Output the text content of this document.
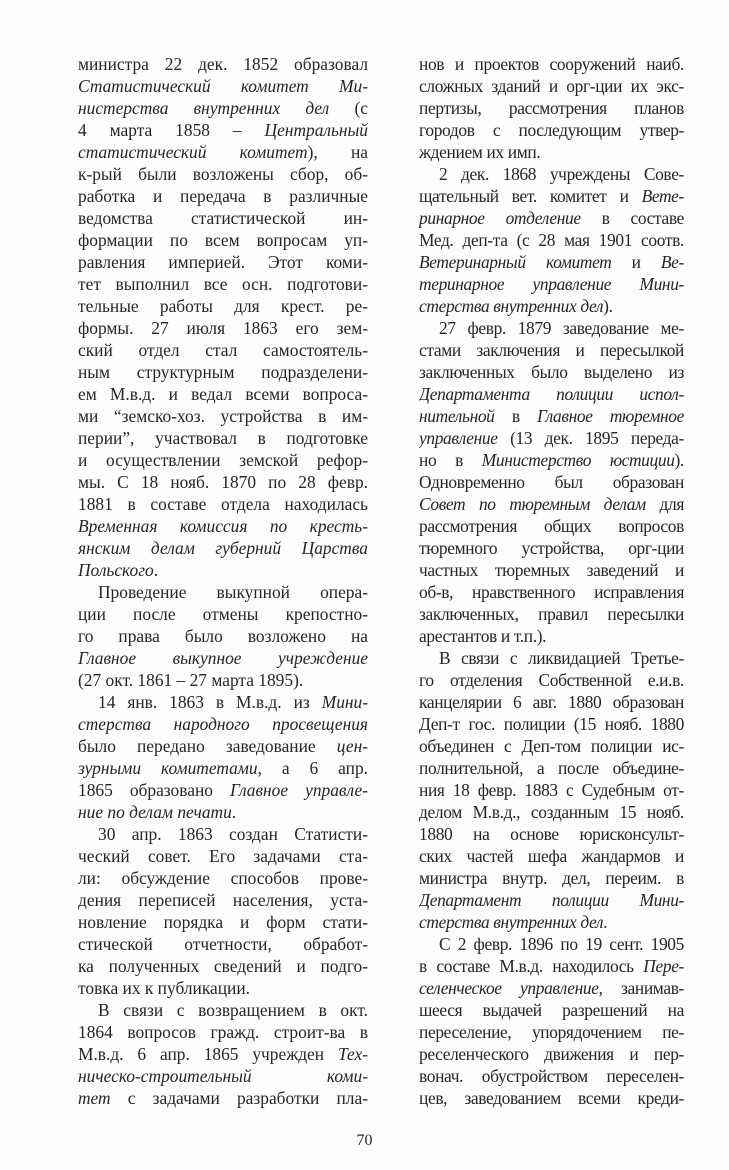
министра 22 дек. 1852 образовал
Статистический комитет Ми-
нистерства внутренних дел (с
4 марта 1858 – Центральный
статистический комитет), на
к-рый были возложены сбор, об-
работка и передача в различные
ведомства статистической ин-
формации по всем вопросам уп-
равления империей. Этот коми-
тет выполнил все осн. подготови-
тельные работы для крест. ре-
формы. 27 июля 1863 его зем-
ский отдел стал самостоятель-
ным структурным подразделени-
ем М.в.д. и ведал всеми вопроса-
ми “земско-хоз. устройства в им-
перии”, участвовал в подготовке
и осуществлении земской рефор-
мы. С 18 нояб. 1870 по 28 февр.
1881 в составе отдела находилась
Временная комиссия по кресть-
янским делам губерний Царства
Польского.
Проведение выкупной опера-
ции после отмены крепостно-
го права было возложено на
Главное выкупное учреждение
(27 окт. 1861 – 27 марта 1895).
14 янв. 1863 в М.в.д. из Мини-
стерства народного просвещения
было передано заведование цен-
зурными комитетами, а 6 апр.
1865 образовано Главное управле-
ние по делам печати.
30 апр. 1863 создан Статисти-
ческий совет. Его задачами ста-
ли: обсуждение способов прове-
дения переписей населения, уста-
новление порядка и форм стати-
стической отчетности, обработ-
ка полученных сведений и подго-
товка их к публикации.
В связи с возвращением в окт.
1864 вопросов гражд. строит-ва в
М.в.д. 6 апр. 1865 учрежден Тех-
ническо-строительный коми-
тет с задачами разработки пла-
нов и проектов сооружений наиб.
сложных зданий и орг-ции их экс-
пертизы, рассмотрения планов
городов с последующим утвер-
ждением их имп.
2 дек. 1868 учреждены Сове-
щательный вет. комитет и Вете-
ринарное отделение в составе
Мед. деп-та (с 28 мая 1901 соотв.
Ветеринарный комитет и Ве-
теринарное управление Мини-
стерства внутренних дел).
27 февр. 1879 заведование ме-
стами заключения и пересылкой
заключенных было выделено из
Департамента полиции испол-
нительной в Главное тюремное
управление (13 дек. 1895 переда-
но в Министерство юстиции).
Одновременно был образован
Совет по тюремным делам для
рассмотрения общих вопросов
тюремного устройства, орг-ции
частных тюремных заведений и
об-в, нравственного исправления
заключенных, правил пересылки
арестантов и т.п.).
В связи с ликвидацией Третье-
го отделения Собственной е.и.в.
канцелярии 6 авг. 1880 образован
Деп-т гос. полиции (15 нояб. 1880
объединен с Деп-том полиции ис-
полнительной, а после объедине-
ния 18 февр. 1883 с Судебным от-
делом М.в.д., созданным 15 нояб.
1880 на основе юрисконсульт-
ских частей шефа жандармов и
министра внутр. дел, переим. в
Департамент полиции Мини-
стерства внутренних дел.
С 2 февр. 1896 по 19 сент. 1905
в составе М.в.д. находилось Пере-
селенческое управление, занимав-
шееся выдачей разрешений на
переселение, упорядочением пе-
реселенческого движения и пер-
вонач. обустройством переселен-
цев, заведованием всеми креди-
70
